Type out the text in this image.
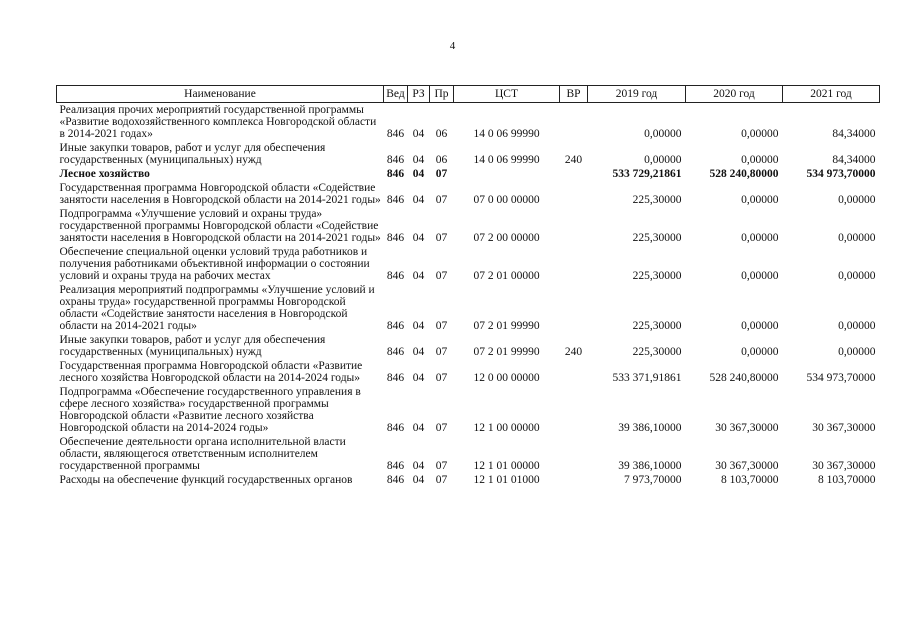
4
Наименование	Вед	РЗ	Пр	ЦСТ	ВР	2019 год	2020 год	2021 год
Реализация прочих мероприятий государственной программы «Развитие водохозяйственного комплекса Новгородской области в 2014-2021 годах»	846	04	06	14 0 06 99990		0,00000	0,00000	84,34000
Иные закупки товаров, работ и услуг для обеспечения государственных (муниципальных) нужд	846	04	06	14 0 06 99990	240	0,00000	0,00000	84,34000
Лесное хозяйство	846	04	07			533 729,21861	528 240,80000	534 973,70000
Государственная программа Новгородской области «Содействие занятости населения в Новгородской области на 2014-2021 годы»	846	04	07	07 0 00 00000		225,30000	0,00000	0,00000
Подпрограмма «Улучшение условий и охраны труда» государственной программы Новгородской области «Содействие занятости населения в Новгородской области на 2014-2021 годы»	846	04	07	07 2 00 00000		225,30000	0,00000	0,00000
Обеспечение специальной оценки условий труда работников и получения работниками объективной информации о состоянии условий и охраны труда на рабочих местах	846	04	07	07 2 01 00000		225,30000	0,00000	0,00000
Реализация мероприятий подпрограммы «Улучшение условий и охраны труда» государственной программы Новгородской области «Содействие занятости населения в Новгородской области на 2014-2021 годы»	846	04	07	07 2 01 99990		225,30000	0,00000	0,00000
Иные закупки товаров, работ и услуг для обеспечения государственных (муниципальных) нужд	846	04	07	07 2 01 99990	240	225,30000	0,00000	0,00000
Государственная программа Новгородской области «Развитие лесного хозяйства Новгородской области на 2014-2024 годы»	846	04	07	12 0 00 00000		533 371,91861	528 240,80000	534 973,70000
Подпрограмма «Обеспечение государственного управления в сфере лесного хозяйства» государственной программы Новгородской области «Развитие лесного хозяйства Новгородской области на 2014-2024 годы»	846	04	07	12 1 00 00000		39 386,10000	30 367,30000	30 367,30000
Обеспечение деятельности органа исполнительной власти области, являющегося ответственным исполнителем государственной программы	846	04	07	12 1 01 00000		39 386,10000	30 367,30000	30 367,30000
Расходы на обеспечение функций государственных органов	846	04	07	12 1 01 01000		7 973,70000	8 103,70000	8 103,70000
